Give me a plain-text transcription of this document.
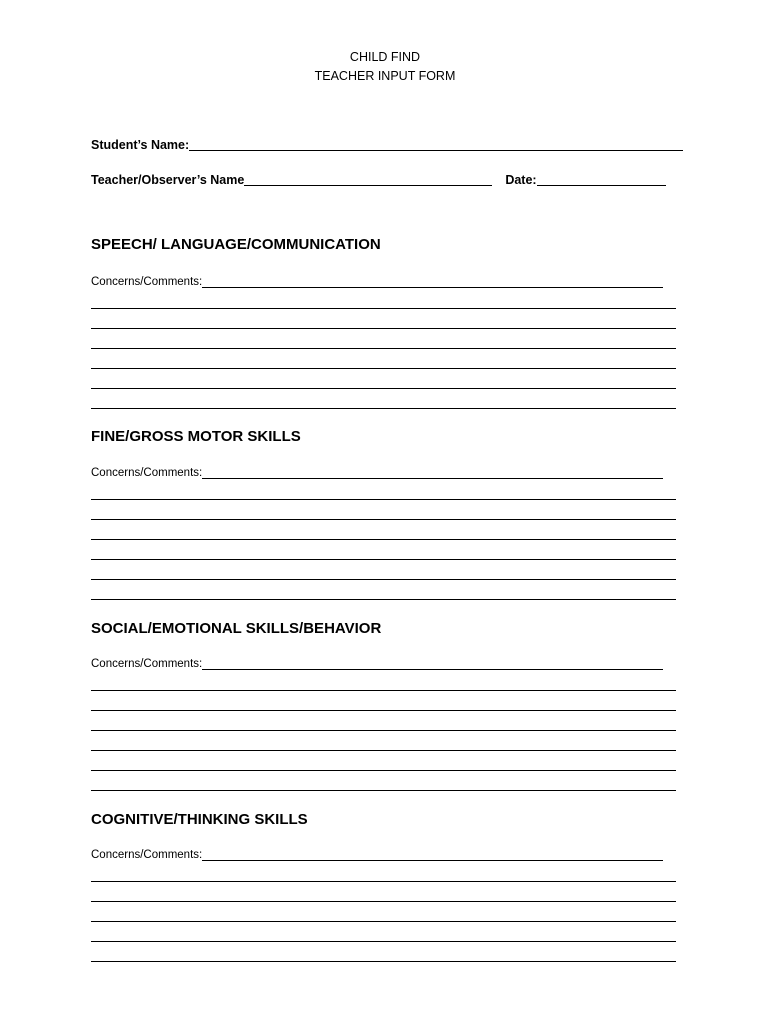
CHILD FIND
TEACHER INPUT FORM
Student’s Name:
Teacher/Observer’s Name	Date:
SPEECH/ LANGUAGE/COMMUNICATION
Concerns/Comments:
FINE/GROSS MOTOR SKILLS
Concerns/Comments:
SOCIAL/EMOTIONAL SKILLS/BEHAVIOR
Concerns/Comments:
COGNITIVE/THINKING SKILLS
Concerns/Comments:
